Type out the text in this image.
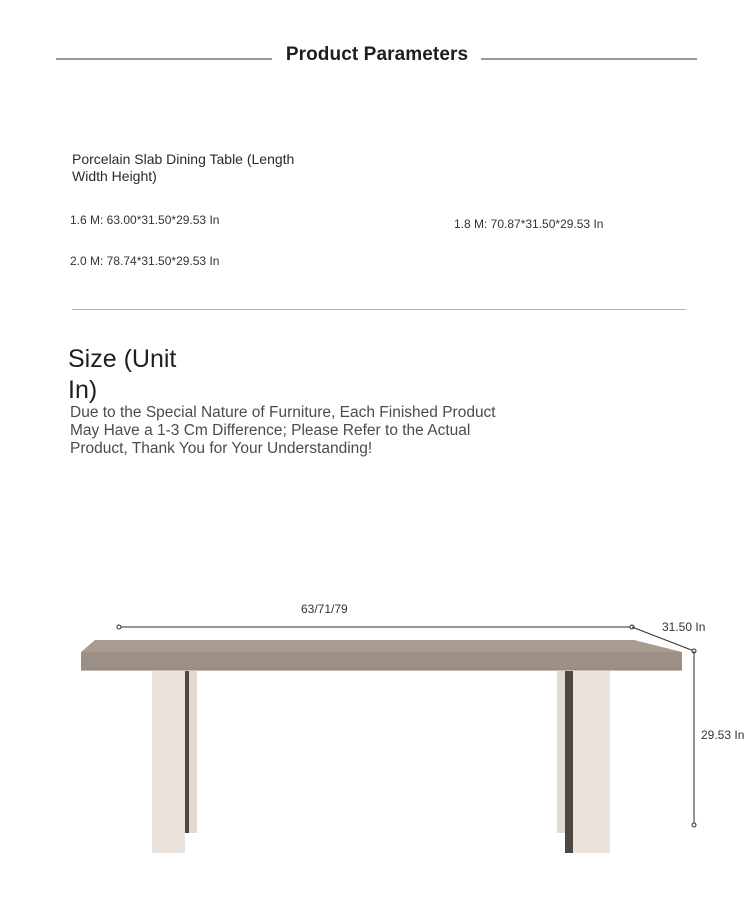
Product Parameters
Porcelain Slab Dining Table (Length Width Height)
1.6 M: 63.00*31.50*29.53 In	1.8 M: 70.87*31.50*29.53 In
2.0 M: 78.74*31.50*29.53 In
Size (Unit In)
Due to the Special Nature of Furniture, Each Finished Product May Have a 1-3 Cm Difference; Please Refer to the Actual Product, Thank You for Your Understanding!
63/71/79
31.50 In
29.53 In
